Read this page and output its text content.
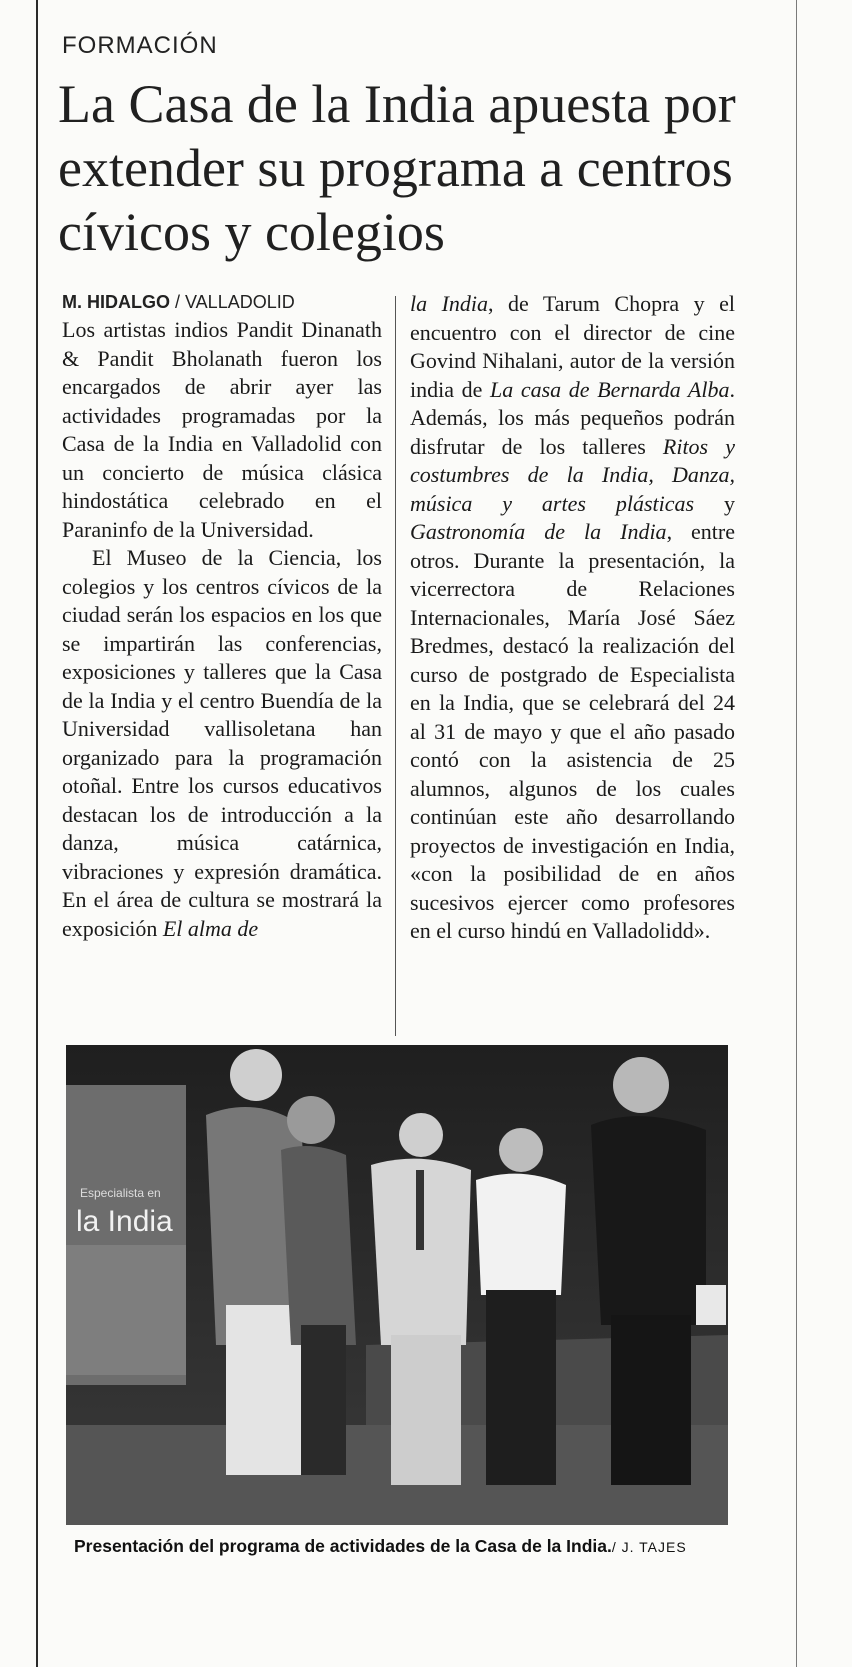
FORMACIÓN
La Casa de la India apuesta por extender su programa a centros cívicos y colegios
M. HIDALGO / VALLADOLID

Los artistas indios Pandit Dinanath & Pandit Bholanath fueron los encargados de abrir ayer las actividades programadas por la Casa de la India en Valladolid con un concierto de música clásica hindostática celebrado en el Paraninfo de la Universidad.

El Museo de la Ciencia, los colegios y los centros cívicos de la ciudad serán los espacios en los que se impartirán las conferencias, exposiciones y talleres que la Casa de la India y el centro Buendía de la Universidad vallisoletana han organizado para la programación otoñal. Entre los cursos educativos destacan los de introducción a la danza, música catárnica, vibraciones y expresión dramática. En el área de cultura se mostrará la exposición El alma de

la India, de Tarum Chopra y el encuentro con el director de cine Govind Nihalani, autor de la versión india de La casa de Bernarda Alba. Además, los más pequeños podrán disfrutar de los talleres Ritos y costumbres de la India, Danza, música y artes plásticas y Gastronomía de la India, entre otros. Durante la presentación, la vicerrectora de Relaciones Internacionales, María José Sáez Bredmes, destacó la realización del curso de postgrado de Especialista en la India, que se celebrará del 24 al 31 de mayo y que el año pasado contó con la asistencia de 25 alumnos, algunos de los cuales continúan este año desarrollando proyectos de investigación en India, «con la posibilidad de en años sucesivos ejercer como profesores en el curso hindú en Valladolidd».

Especialista en
la India
Presentación del programa de actividades de la Casa de la India./ J. TAJES
